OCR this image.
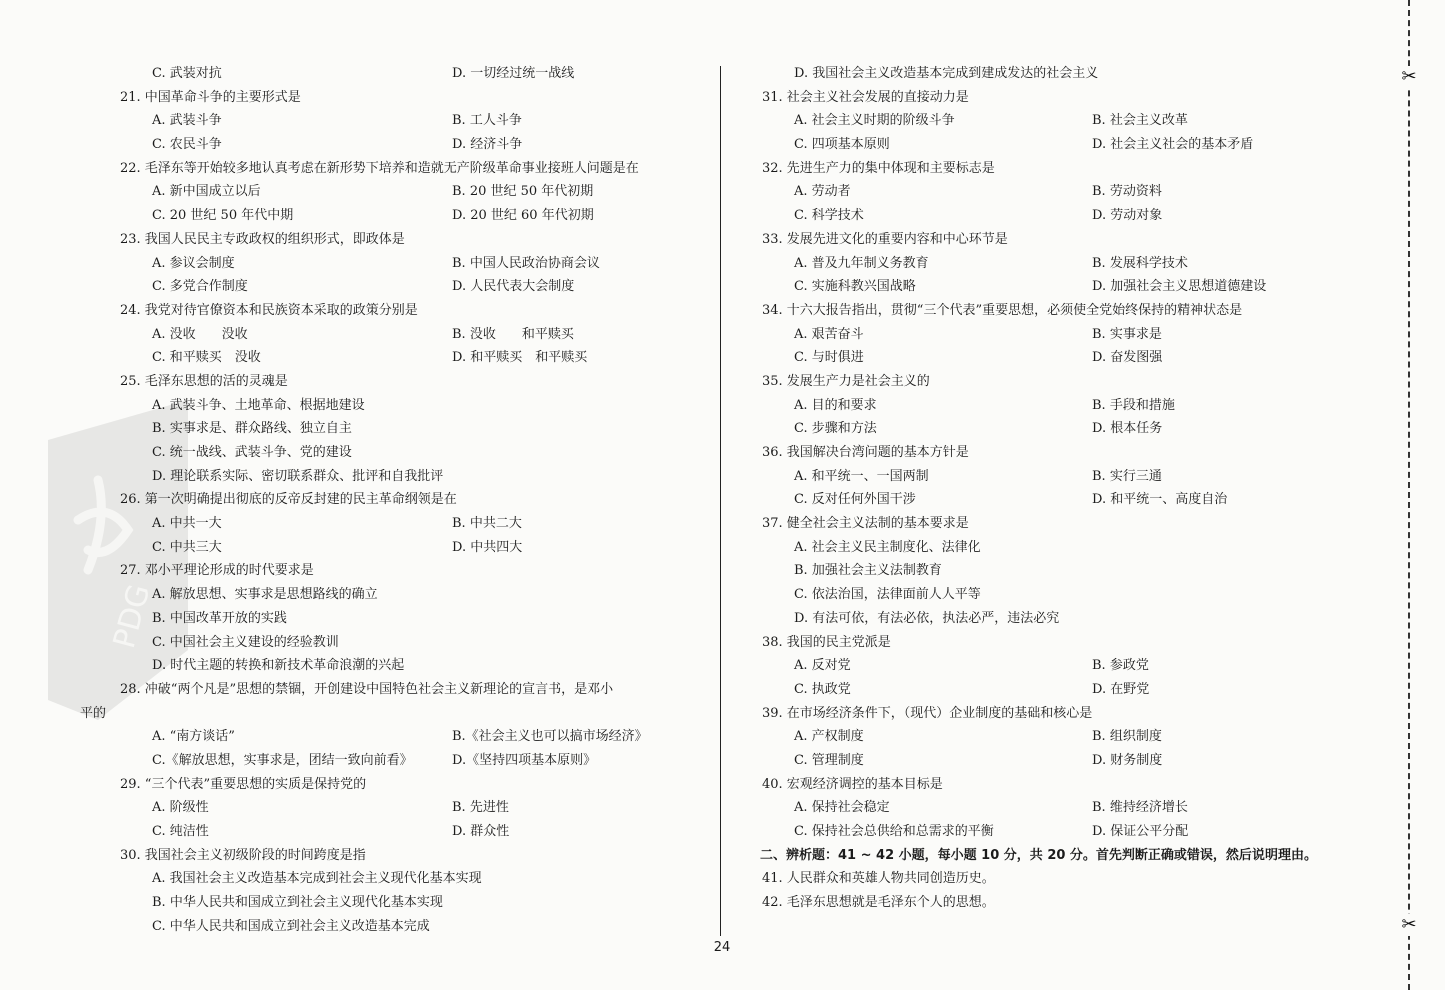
PDG
C. 武装对抗	D. 一切经过统一战线
21. 中国革命斗争的主要形式是
A. 武装斗争	B. 工人斗争
C. 农民斗争	D. 经济斗争
22. 毛泽东等开始较多地认真考虑在新形势下培养和造就无产阶级革命事业接班人问题是在
A. 新中国成立以后	B. 20 世纪 50 年代初期
C. 20 世纪 50 年代中期	D. 20 世纪 60 年代初期
23. 我国人民民主专政政权的组织形式，即政体是
A. 参议会制度	B. 中国人民政治协商会议
C. 多党合作制度	D. 人民代表大会制度
24. 我党对待官僚资本和民族资本采取的政策分别是
A. 没收　　没收	B. 没收　　和平赎买
C. 和平赎买　没收	D. 和平赎买　和平赎买
25. 毛泽东思想的活的灵魂是
A. 武装斗争、土地革命、根据地建设
B. 实事求是、群众路线、独立自主
C. 统一战线、武装斗争、党的建设
D. 理论联系实际、密切联系群众、批评和自我批评
26. 第一次明确提出彻底的反帝反封建的民主革命纲领是在
A. 中共一大	B. 中共二大
C. 中共三大	D. 中共四大
27. 邓小平理论形成的时代要求是
A. 解放思想、实事求是思想路线的确立
B. 中国改革开放的实践
C. 中国社会主义建设的经验教训
D. 时代主题的转换和新技术革命浪潮的兴起
28. 冲破“两个凡是”思想的禁锢，开创建设中国特色社会主义新理论的宣言书，是邓小
平的
A. “南方谈话”	B.《社会主义也可以搞市场经济》
C.《解放思想，实事求是，团结一致向前看》	D.《坚持四项基本原则》
29. “三个代表”重要思想的实质是保持党的
A. 阶级性	B. 先进性
C. 纯洁性	D. 群众性
30. 我国社会主义初级阶段的时间跨度是指
A. 我国社会主义改造基本完成到社会主义现代化基本实现
B. 中华人民共和国成立到社会主义现代化基本实现
C. 中华人民共和国成立到社会主义改造基本完成
D. 我国社会主义改造基本完成到建成发达的社会主义
31. 社会主义社会发展的直接动力是
A. 社会主义时期的阶级斗争	B. 社会主义改革
C. 四项基本原则	D. 社会主义社会的基本矛盾
32. 先进生产力的集中体现和主要标志是
A. 劳动者	B. 劳动资料
C. 科学技术	D. 劳动对象
33. 发展先进文化的重要内容和中心环节是
A. 普及九年制义务教育	B. 发展科学技术
C. 实施科教兴国战略	D. 加强社会主义思想道德建设
34. 十六大报告指出，贯彻“三个代表”重要思想，必须使全党始终保持的精神状态是
A. 艰苦奋斗	B. 实事求是
C. 与时俱进	D. 奋发图强
35. 发展生产力是社会主义的
A. 目的和要求	B. 手段和措施
C. 步骤和方法	D. 根本任务
36. 我国解决台湾问题的基本方针是
A. 和平统一、一国两制	B. 实行三通
C. 反对任何外国干涉	D. 和平统一、高度自治
37. 健全社会主义法制的基本要求是
A. 社会主义民主制度化、法律化
B. 加强社会主义法制教育
C. 依法治国，法律面前人人平等
D. 有法可依，有法必依，执法必严，违法必究
38. 我国的民主党派是
A. 反对党	B. 参政党
C. 执政党	D. 在野党
39. 在市场经济条件下，（现代）企业制度的基础和核心是
A. 产权制度	B. 组织制度
C. 管理制度	D. 财务制度
40. 宏观经济调控的基本目标是
A. 保持社会稳定	B. 维持经济增长
C. 保持社会总供给和总需求的平衡	D. 保证公平分配
二、辨析题：41 ~ 42 小题，每小题 10 分，共 20 分。首先判断正确或错误，然后说明理由。
41. 人民群众和英雄人物共同创造历史。
42. 毛泽东思想就是毛泽东个人的思想。
24
✂
✂
